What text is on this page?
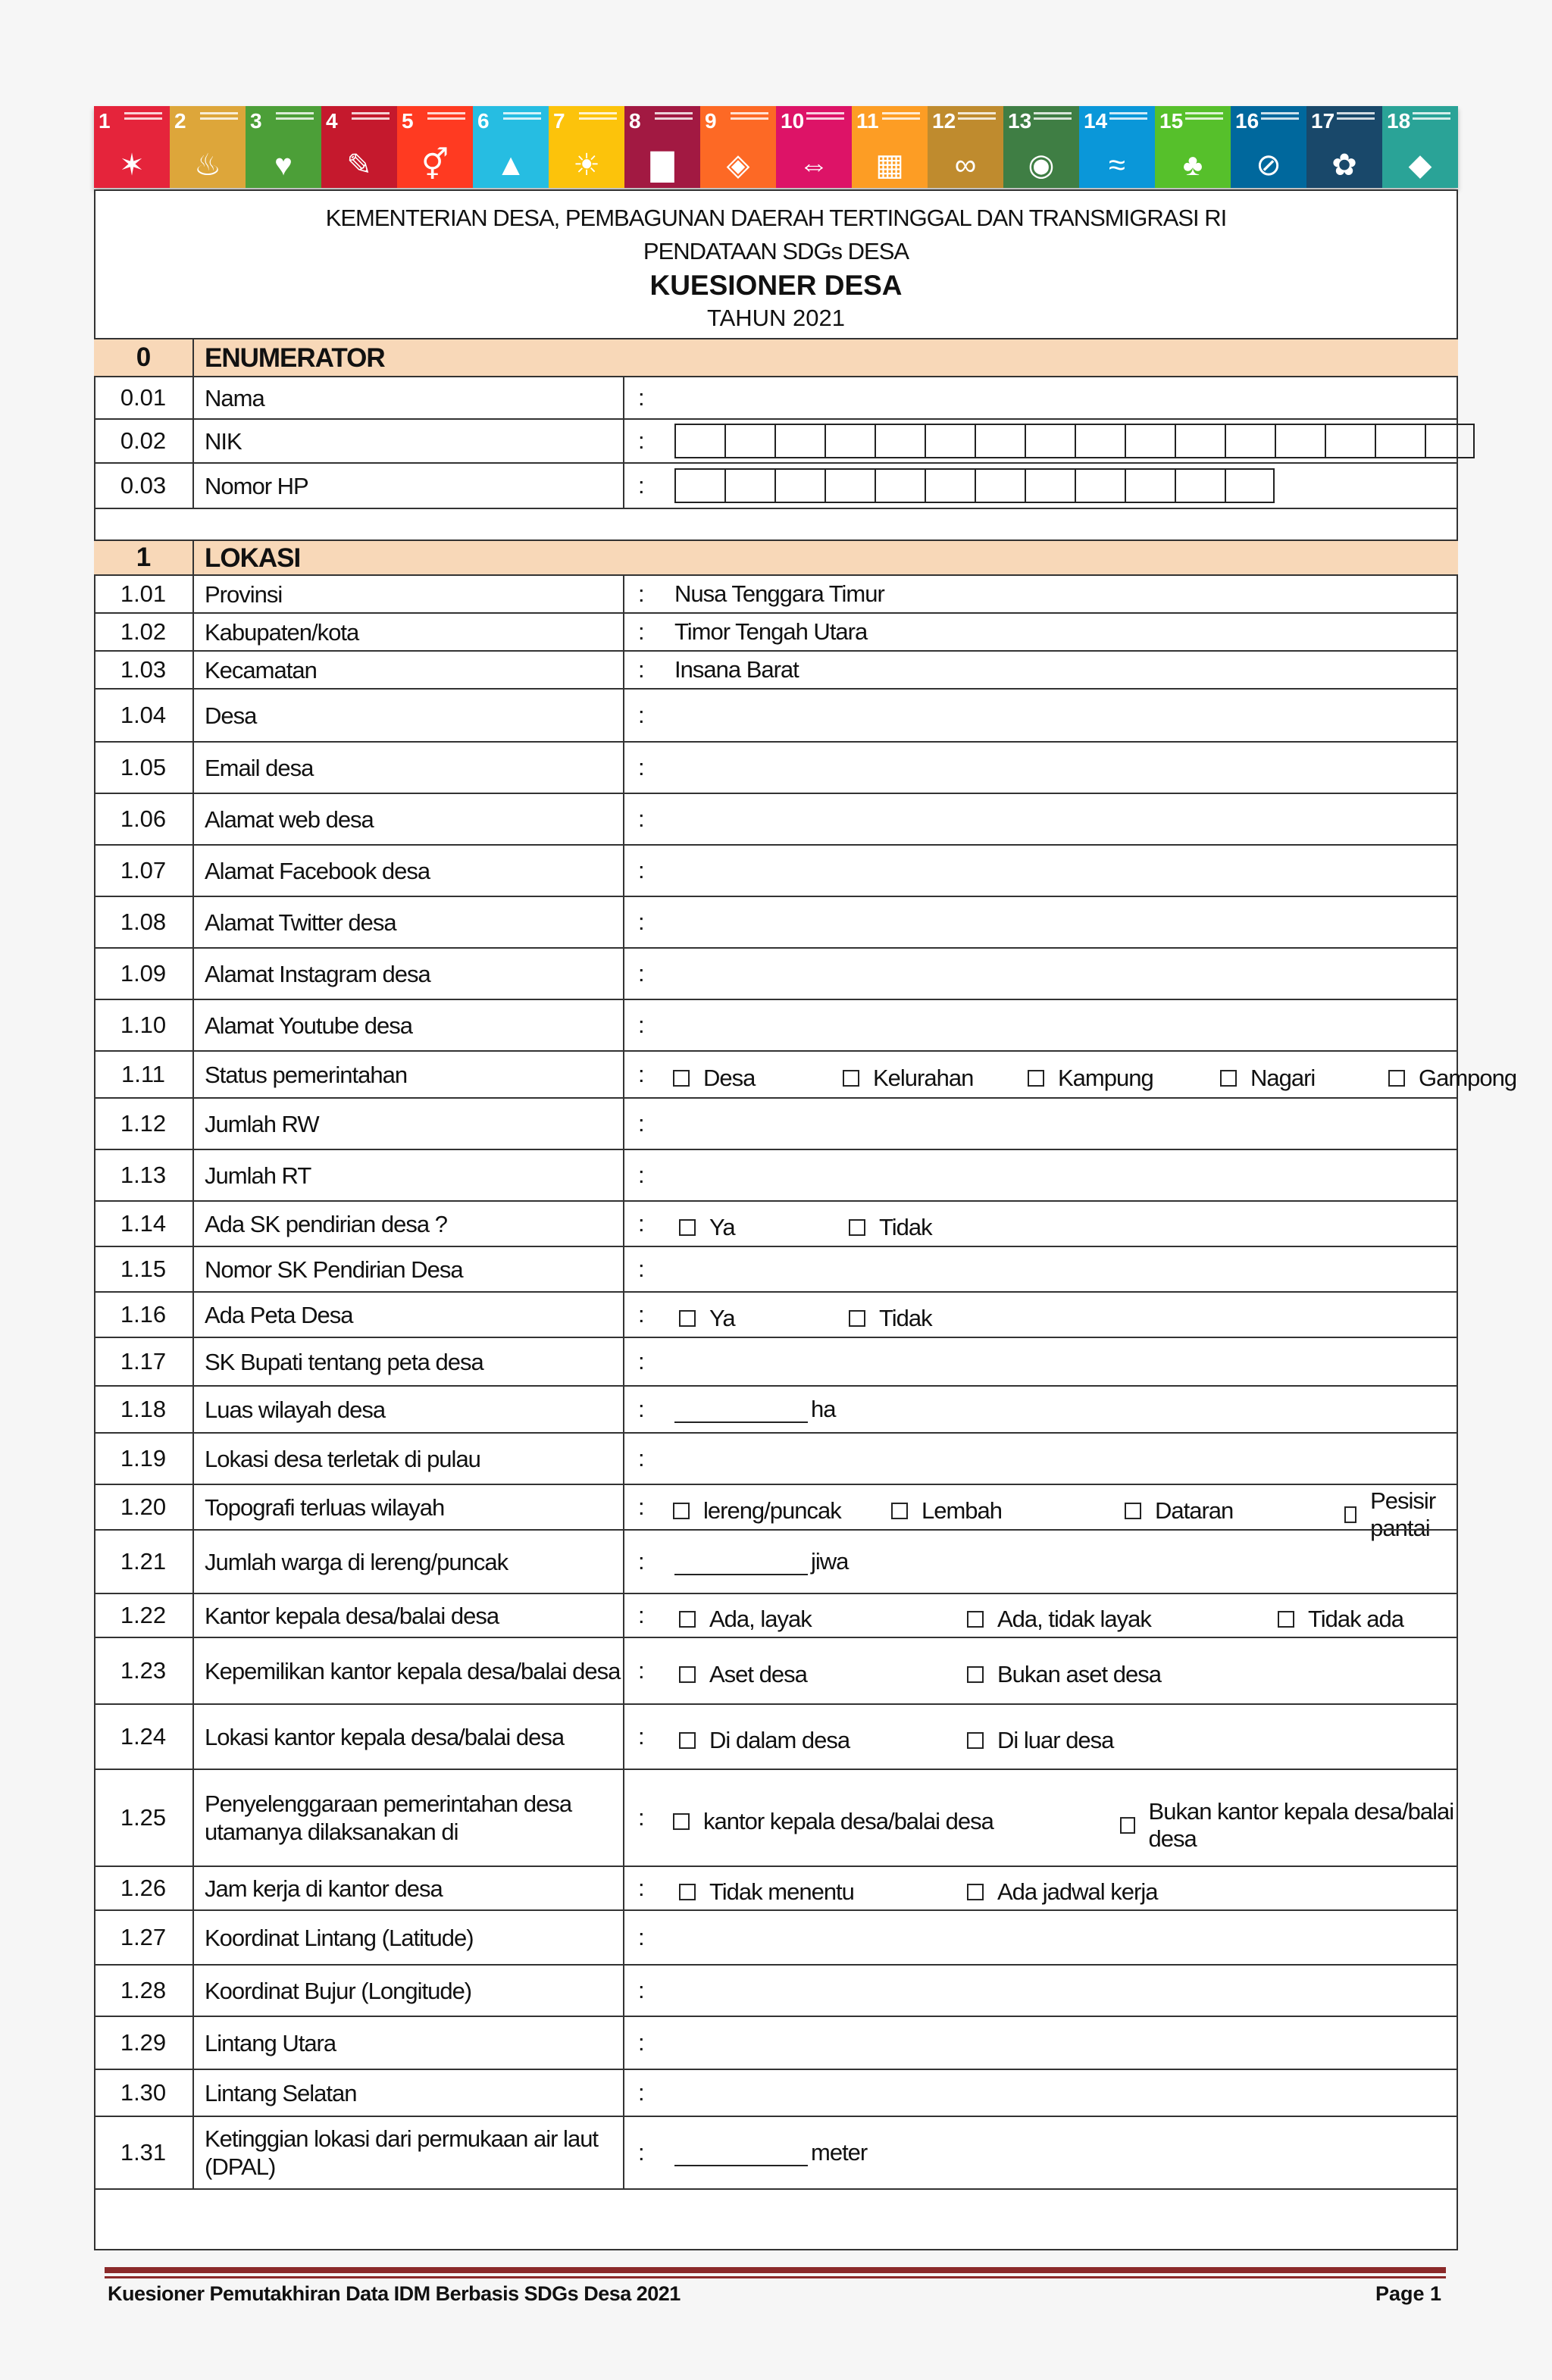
1
✶
2
♨
3
♥
4
✎
5
⚥
6
▲
7
☀
8
▇
9
◈
10
⇔
11
▦
12
∞
13
◉
14
≈
15
♣
16
⊘
17
✿
18
◆
KEMENTERIAN DESA, PEMBAGUNAN DAERAH TERTINGGAL DAN TRANSMIGRASI RI
PENDATAAN SDGs DESA
KUESIONER DESA
TAHUN 2021
0	ENUMERATOR
0.01	Nama	:
0.02	NIK	:
0.03	Nomor HP	:
1	LOKASI
1.01	Provinsi	: Nusa Tenggara Timur
1.02	Kabupaten/kota	: Timor Tengah Utara
1.03	Kecamatan	: Insana Barat
1.04	Desa	:
1.05	Email desa	:
1.06	Alamat web desa	:
1.07	Alamat Facebook desa	:
1.08	Alamat Twitter desa	:
1.09	Alamat Instagram desa	:
1.10	Alamat Youtube desa	:
1.11	Status pemerintahan	:	Desa	Kelurahan	Kampung	Nagari	Gampong
1.12	Jumlah RW	:
1.13	Jumlah RT	:
1.14	Ada SK pendirian desa ?	:	Ya	Tidak
1.15	Nomor SK Pendirian Desa	:
1.16	Ada Peta Desa	:	Ya	Tidak
1.17	SK Bupati tentang peta desa	:
1.18	Luas wilayah desa	:	ha
1.19	Lokasi desa terletak di pulau	:
1.20	Topografi terluas wilayah	:	lereng/puncak	Lembah	Dataran	Pesisir pantai
1.21	Jumlah warga di lereng/puncak	:	jiwa
1.22	Kantor kepala desa/balai desa	:	Ada, layak	Ada, tidak layak	Tidak ada
1.23	Kepemilikan kantor kepala desa/balai desa :	Aset desa	Bukan aset desa
1.24	Lokasi kantor kepala desa/balai desa	:	Di dalam desa	Di luar desa
1.25
Penyelenggaraan pemerintahan desa utamanya dilaksanakan di
:	kantor kepala desa/balai desa	Bukan kantor kepala desa/balai desa
1.26	Jam kerja di kantor desa	:	Tidak menentu	Ada jadwal kerja
1.27	Koordinat Lintang (Latitude)	:
1.28	Koordinat Bujur (Longitude)	:
1.29	Lintang Utara	:
1.30	Lintang Selatan	:
1.31
Ketinggian lokasi dari permukaan air laut (DPAL)
:	meter
Kuesioner Pemutakhiran Data IDM Berbasis SDGs Desa 2021	Page 1
